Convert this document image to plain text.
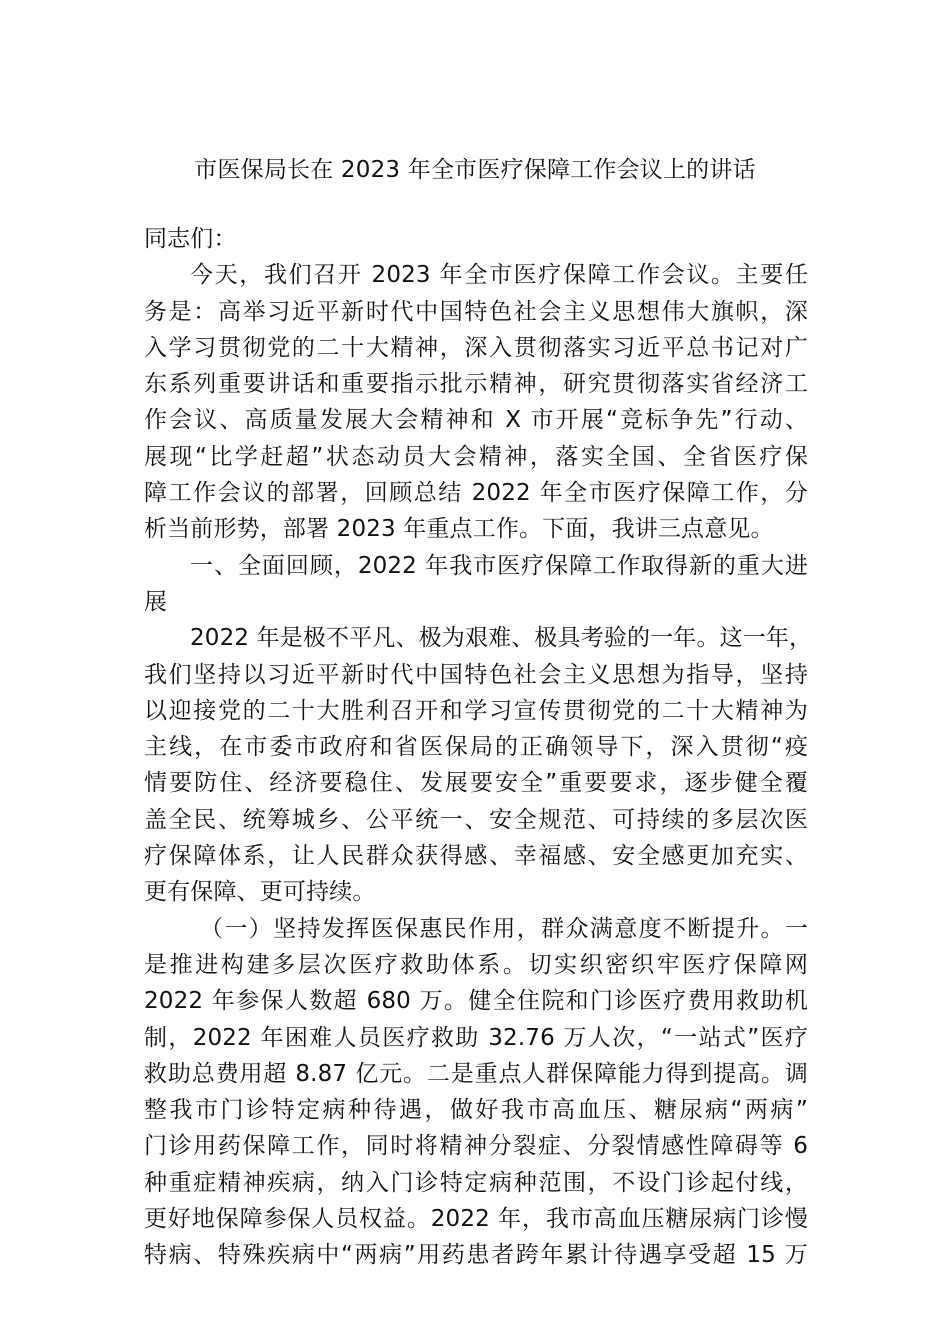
市医保局长在 2023 年全市医疗保障工作会议上的讲话
同志们：
今天，我们召开 2023 年全市医疗保障工作会议。主要任
务是：高举习近平新时代中国特色社会主义思想伟大旗帜，深
入学习贯彻党的二十大精神，深入贯彻落实习近平总书记对广
东系列重要讲话和重要指示批示精神，研究贯彻落实省经济工
作会议、高质量发展大会精神和 X 市开展“竞标争先”行动、
展现“比学赶超”状态动员大会精神，落实全国、全省医疗保
障工作会议的部署，回顾总结 2022 年全市医疗保障工作，分
析当前形势，部署 2023 年重点工作。下面，我讲三点意见。
一、全面回顾，2022 年我市医疗保障工作取得新的重大进
展
2022 年是极不平凡、极为艰难、极具考验的一年。这一年，
我们坚持以习近平新时代中国特色社会主义思想为指导，坚持
以迎接党的二十大胜利召开和学习宣传贯彻党的二十大精神为
主线，在市委市政府和省医保局的正确领导下，深入贯彻“疫
情要防住、经济要稳住、发展要安全”重要要求，逐步健全覆
盖全民、统筹城乡、公平统一、安全规范、可持续的多层次医
疗保障体系，让人民群众获得感、幸福感、安全感更加充实、
更有保障、更可持续。
（一）坚持发挥医保惠民作用，群众满意度不断提升。一
是推进构建多层次医疗救助体系。切实织密织牢医疗保障网
2022 年参保人数超 680 万。健全住院和门诊医疗费用救助机
制，2022 年困难人员医疗救助 32.76 万人次，“一站式”医疗
救助总费用超 8.87 亿元。二是重点人群保障能力得到提高。调
整我市门诊特定病种待遇，做好我市高血压、糖尿病“两病”
门诊用药保障工作，同时将精神分裂症、分裂情感性障碍等 6
种重症精神疾病，纳入门诊特定病种范围，不设门诊起付线，
更好地保障参保人员权益。2022 年，我市高血压糖尿病门诊慢
特病、特殊疾病中“两病”用药患者跨年累计待遇享受超 15 万
